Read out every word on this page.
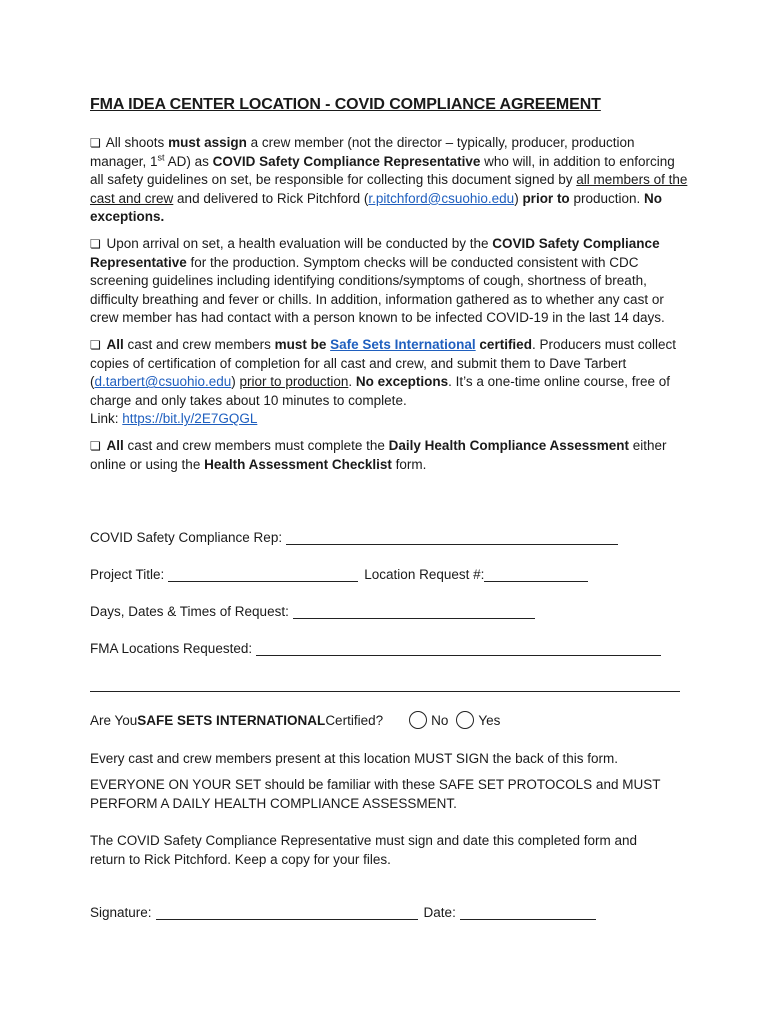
FMA IDEA CENTER LOCATION - COVID COMPLIANCE AGREEMENT

❏ All shoots must assign a crew member (not the director – typically, producer, production manager, 1st AD) as COVID Safety Compliance Representative who will, in addition to enforcing all safety guidelines on set, be responsible for collecting this document signed by all members of the cast and crew and delivered to Rick Pitchford (r.pitchford@csuohio.edu) prior to production. No exceptions.

❏ Upon arrival on set, a health evaluation will be conducted by the COVID Safety Compliance Representative for the production. Symptom checks will be conducted consistent with CDC screening guidelines including identifying conditions/symptoms of cough, shortness of breath, difficulty breathing and fever or chills. In addition, information gathered as to whether any cast or crew member has had contact with a person known to be infected COVID-19 in the last 14 days.

❏ All cast and crew members must be Safe Sets International certified. Producers must collect copies of certification of completion for all cast and crew, and submit them to Dave Tarbert (d.tarbert@csuohio.edu) prior to production. No exceptions. It’s a one-time online course, free of charge and only takes about 10 minutes to complete.
Link: https://bit.ly/2E7GQGL

❏ All cast and crew members must complete the Daily Health Compliance Assessment either online or using the Health Assessment Checklist form.

COVID Safety Compliance Rep:
Project Title:	Location Request #:
Days, Dates & Times of Request:
FMA Locations Requested:
Are You SAFE SETS INTERNATIONAL Certified?	No Yes
Every cast and crew members present at this location MUST SIGN the back of this form.
EVERYONE ON YOUR SET should be familiar with these SAFE SET PROTOCOLS and MUST PERFORM A DAILY HEALTH COMPLIANCE ASSESSMENT.
The COVID Safety Compliance Representative must sign and date this completed form and return to Rick Pitchford. Keep a copy for your files.
Signature:	Date:
